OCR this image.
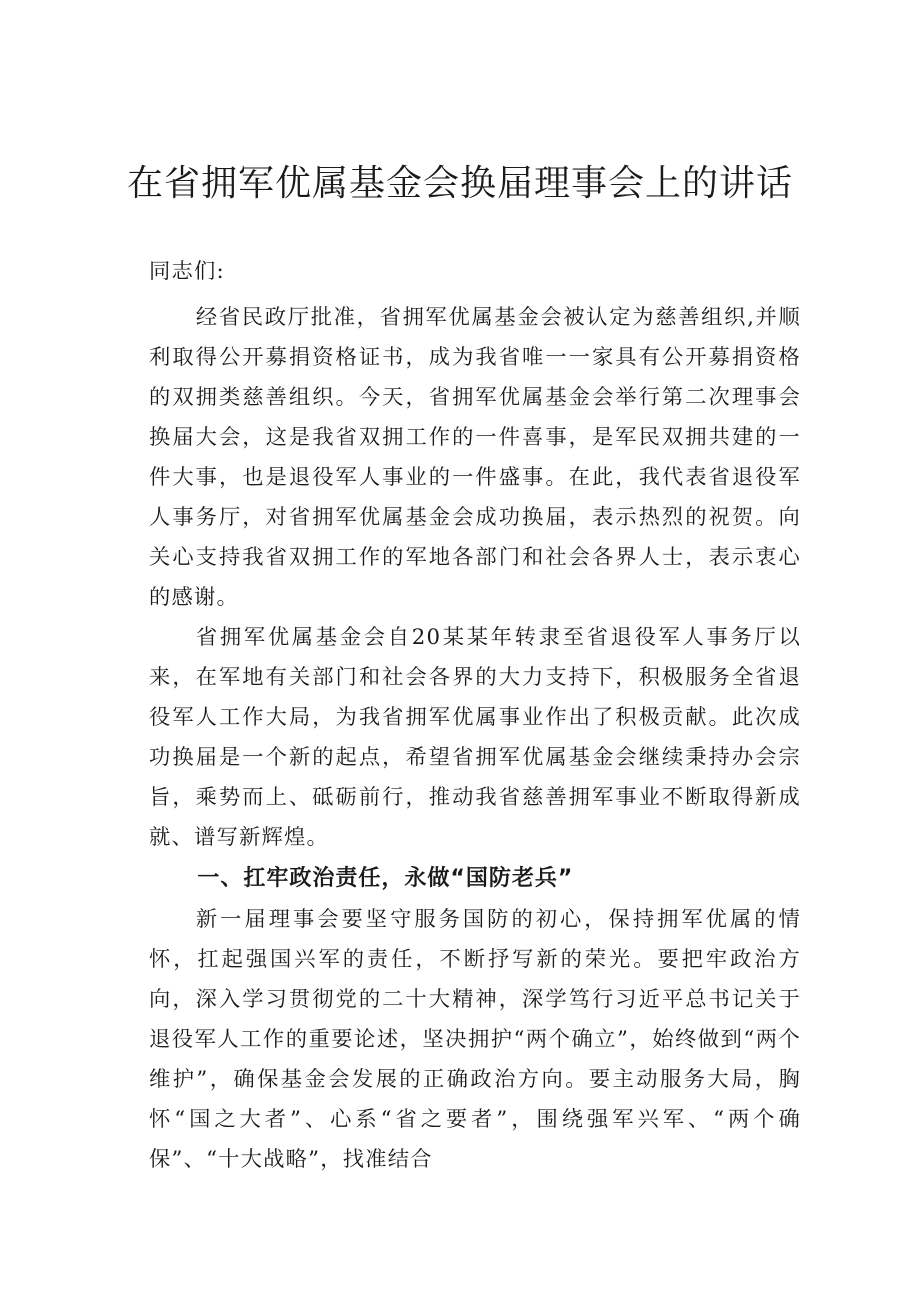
在省拥军优属基金会换届理事会上的讲话

同志们:

经省民政厅批准，省拥军优属基金会被认定为慈善组织,并顺利取得公开募捐资格证书，成为我省唯一一家具有公开募捐资格的双拥类慈善组织。今天，省拥军优属基金会举行第二次理事会换届大会，这是我省双拥工作的一件喜事，是军民双拥共建的一件大事，也是退役军人事业的一件盛事。在此，我代表省退役军人事务厅，对省拥军优属基金会成功换届，表示热烈的祝贺。向关心支持我省双拥工作的军地各部门和社会各界人士，表示衷心的感谢。

省拥军优属基金会自20某某年转隶至省退役军人事务厅以来，在军地有关部门和社会各界的大力支持下，积极服务全省退役军人工作大局，为我省拥军优属事业作出了积极贡献。此次成功换届是一个新的起点，希望省拥军优属基金会继续秉持办会宗旨，乘势而上、砥砺前行，推动我省慈善拥军事业不断取得新成就、谱写新辉煌。

一、扛牢政治责任，永做“国防老兵”

新一届理事会要坚守服务国防的初心，保持拥军优属的情怀，扛起强国兴军的责任，不断抒写新的荣光。要把牢政治方向，深入学习贯彻党的二十大精神，深学笃行习近平总书记关于退役军人工作的重要论述，坚决拥护“两个确立”，始终做到“两个维护”，确保基金会发展的正确政治方向。要主动服务大局，胸怀“国之大者”、心系“省之要者”，围绕强军兴军、“两个确保”、“十大战略”，找准结合
